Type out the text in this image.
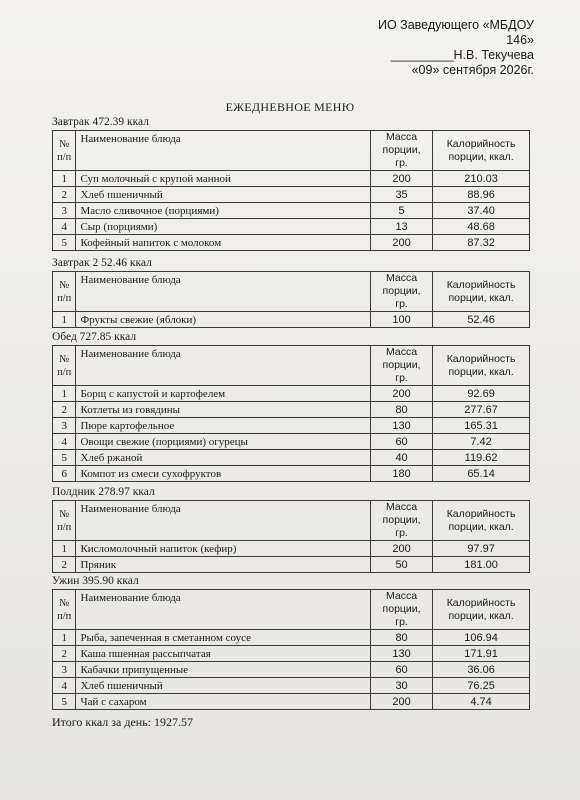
ИО Заведующего «МБДОУ
146»
_________Н.В. Текучева
«09» сентября 2026г.
ЕЖЕДНЕВНОЕ МЕНЮ
Завтрак 472.39 ккал
№ п/п	Наименование блюда	Масса порции, гр.	Калорийность порции, ккал.
1	Суп молочный с крупой манной	200	210.03
2	Хлеб пшеничный	35	88.96
3	Масло сливочное (порциями)	5	37.40
4	Сыр (порциями)	13	48.68
5	Кофейный напиток с молоком	200	87.32
Завтрак 2 52.46 ккал
№ п/п	Наименование блюда	Масса порции, гр.	Калорийность порции, ккал.
1	Фрукты свежие (яблоки)	100	52.46
Обед 727.85 ккал
№ п/п	Наименование блюда	Масса порции, гр.	Калорийность порции, ккал.
1	Борщ с капустой и картофелем	200	92.69
2	Котлеты из говядины	80	277.67
3	Пюре картофельное	130	165.31
4	Овощи свежие (порциями) огурецы	60	7.42
5	Хлеб ржаной	40	119.62
6	Компот из смеси сухофруктов	180	65.14
Полдник 278.97 ккал
№ п/п	Наименование блюда	Масса порции, гр.	Калорийность порции, ккал.
1	Кисломолочный напиток (кефир)	200	97.97
2	Пряник	50	181.00
Ужин 395.90 ккал
№ п/п	Наименование блюда	Масса порции, гр.	Калорийность порции, ккал.
1	Рыба, запеченная в сметанном соусе	80	106.94
2	Каша пшенная рассыпчатая	130	171.91
3	Кабачки припущенные	60	36.06
4	Хлеб пшеничный	30	76.25
5	Чай с сахаром	200	4.74
Итого ккал за день: 1927.57
